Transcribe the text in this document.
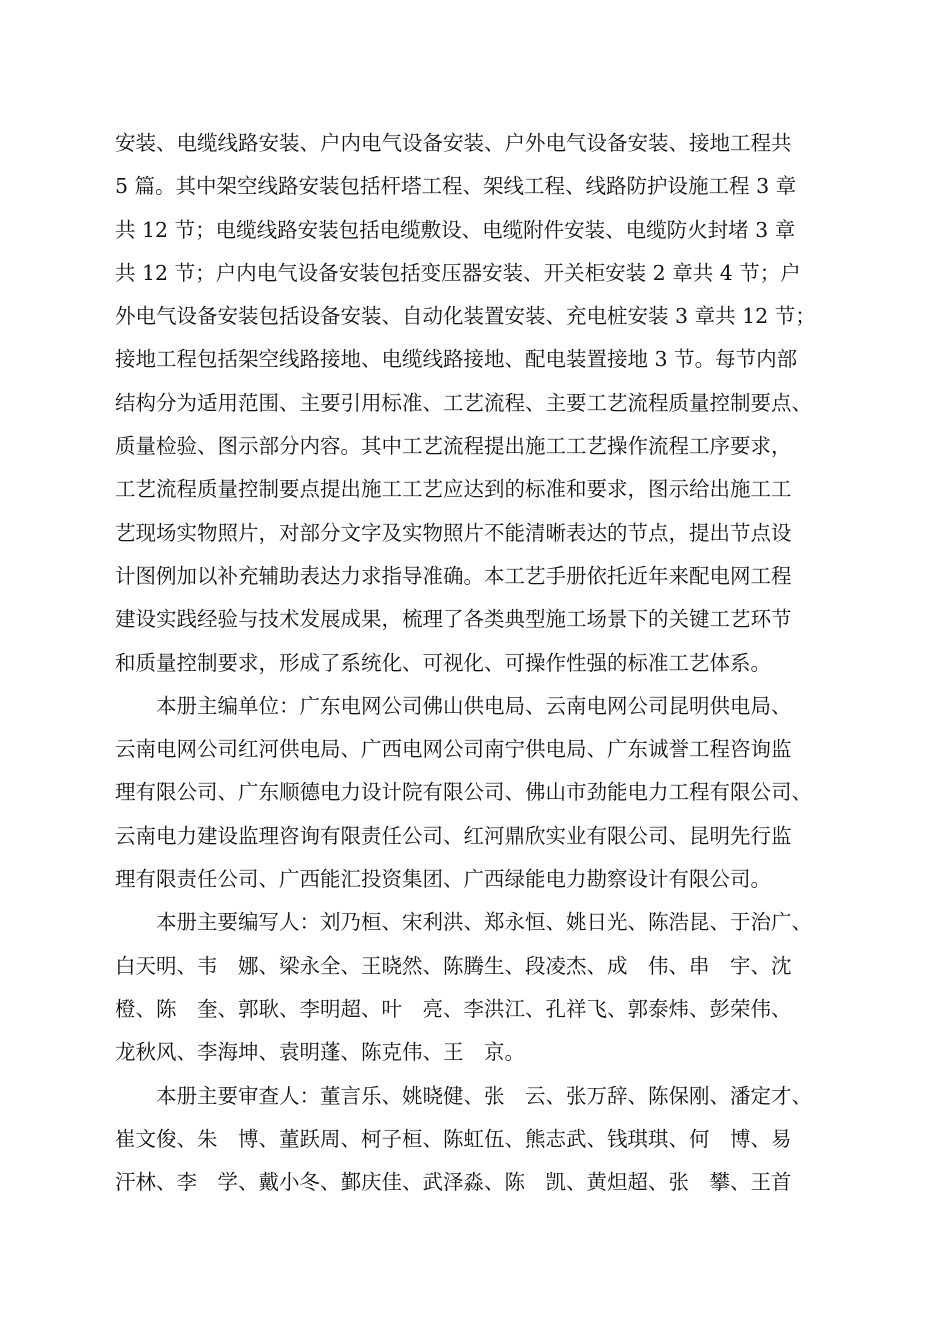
安装、电缆线路安装、户内电气设备安装、户外电气设备安装、接地工程共
5 篇。其中架空线路安装包括杆塔工程、架线工程、线路防护设施工程 3 章
共 12 节；电缆线路安装包括电缆敷设、电缆附件安装、电缆防火封堵 3 章
共 12 节；户内电气设备安装包括变压器安装、开关柜安装 2 章共 4 节；户
外电气设备安装包括设备安装、自动化装置安装、充电桩安装 3 章共 12 节；
接地工程包括架空线路接地、电缆线路接地、配电装置接地 3 节。每节内部
结构分为适用范围、主要引用标准、工艺流程、主要工艺流程质量控制要点、
质量检验、图示部分内容。其中工艺流程提出施工工艺操作流程工序要求，
工艺流程质量控制要点提出施工工艺应达到的标准和要求，图示给出施工工
艺现场实物照片，对部分文字及实物照片不能清晰表达的节点，提出节点设
计图例加以补充辅助表达力求指导准确。本工艺手册依托近年来配电网工程
建设实践经验与技术发展成果，梳理了各类典型施工场景下的关键工艺环节
和质量控制要求，形成了系统化、可视化、可操作性强的标准工艺体系。
　　本册主编单位：广东电网公司佛山供电局、云南电网公司昆明供电局、
云南电网公司红河供电局、广西电网公司南宁供电局、广东诚誉工程咨询监
理有限公司、广东顺德电力设计院有限公司、佛山市劲能电力工程有限公司、
云南电力建设监理咨询有限责任公司、红河鼎欣实业有限公司、昆明先行监
理有限责任公司、广西能汇投资集团、广西绿能电力勘察设计有限公司。
　　本册主要编写人：刘乃桓、宋利洪、郑永恒、姚日光、陈浩昆、于治广、
白天明、韦　娜、梁永全、王晓然、陈腾生、段凌杰、成　伟、串　宇、沈
橙、陈　奎、郭耿、李明超、叶　亮、李洪江、孔祥飞、郭泰炜、彭荣伟、
龙秋风、李海坤、袁明蓬、陈克伟、王　京。
　　本册主要审查人：董言乐、姚晓健、张　云、张万辞、陈保刚、潘定才、
崔文俊、朱　博、董跃周、柯子桓、陈虹伍、熊志武、钱琪琪、何　博、易
汗林、李　学、戴小冬、鄞庆佳、武泽淼、陈　凯、黄炟超、张　攀、王首
